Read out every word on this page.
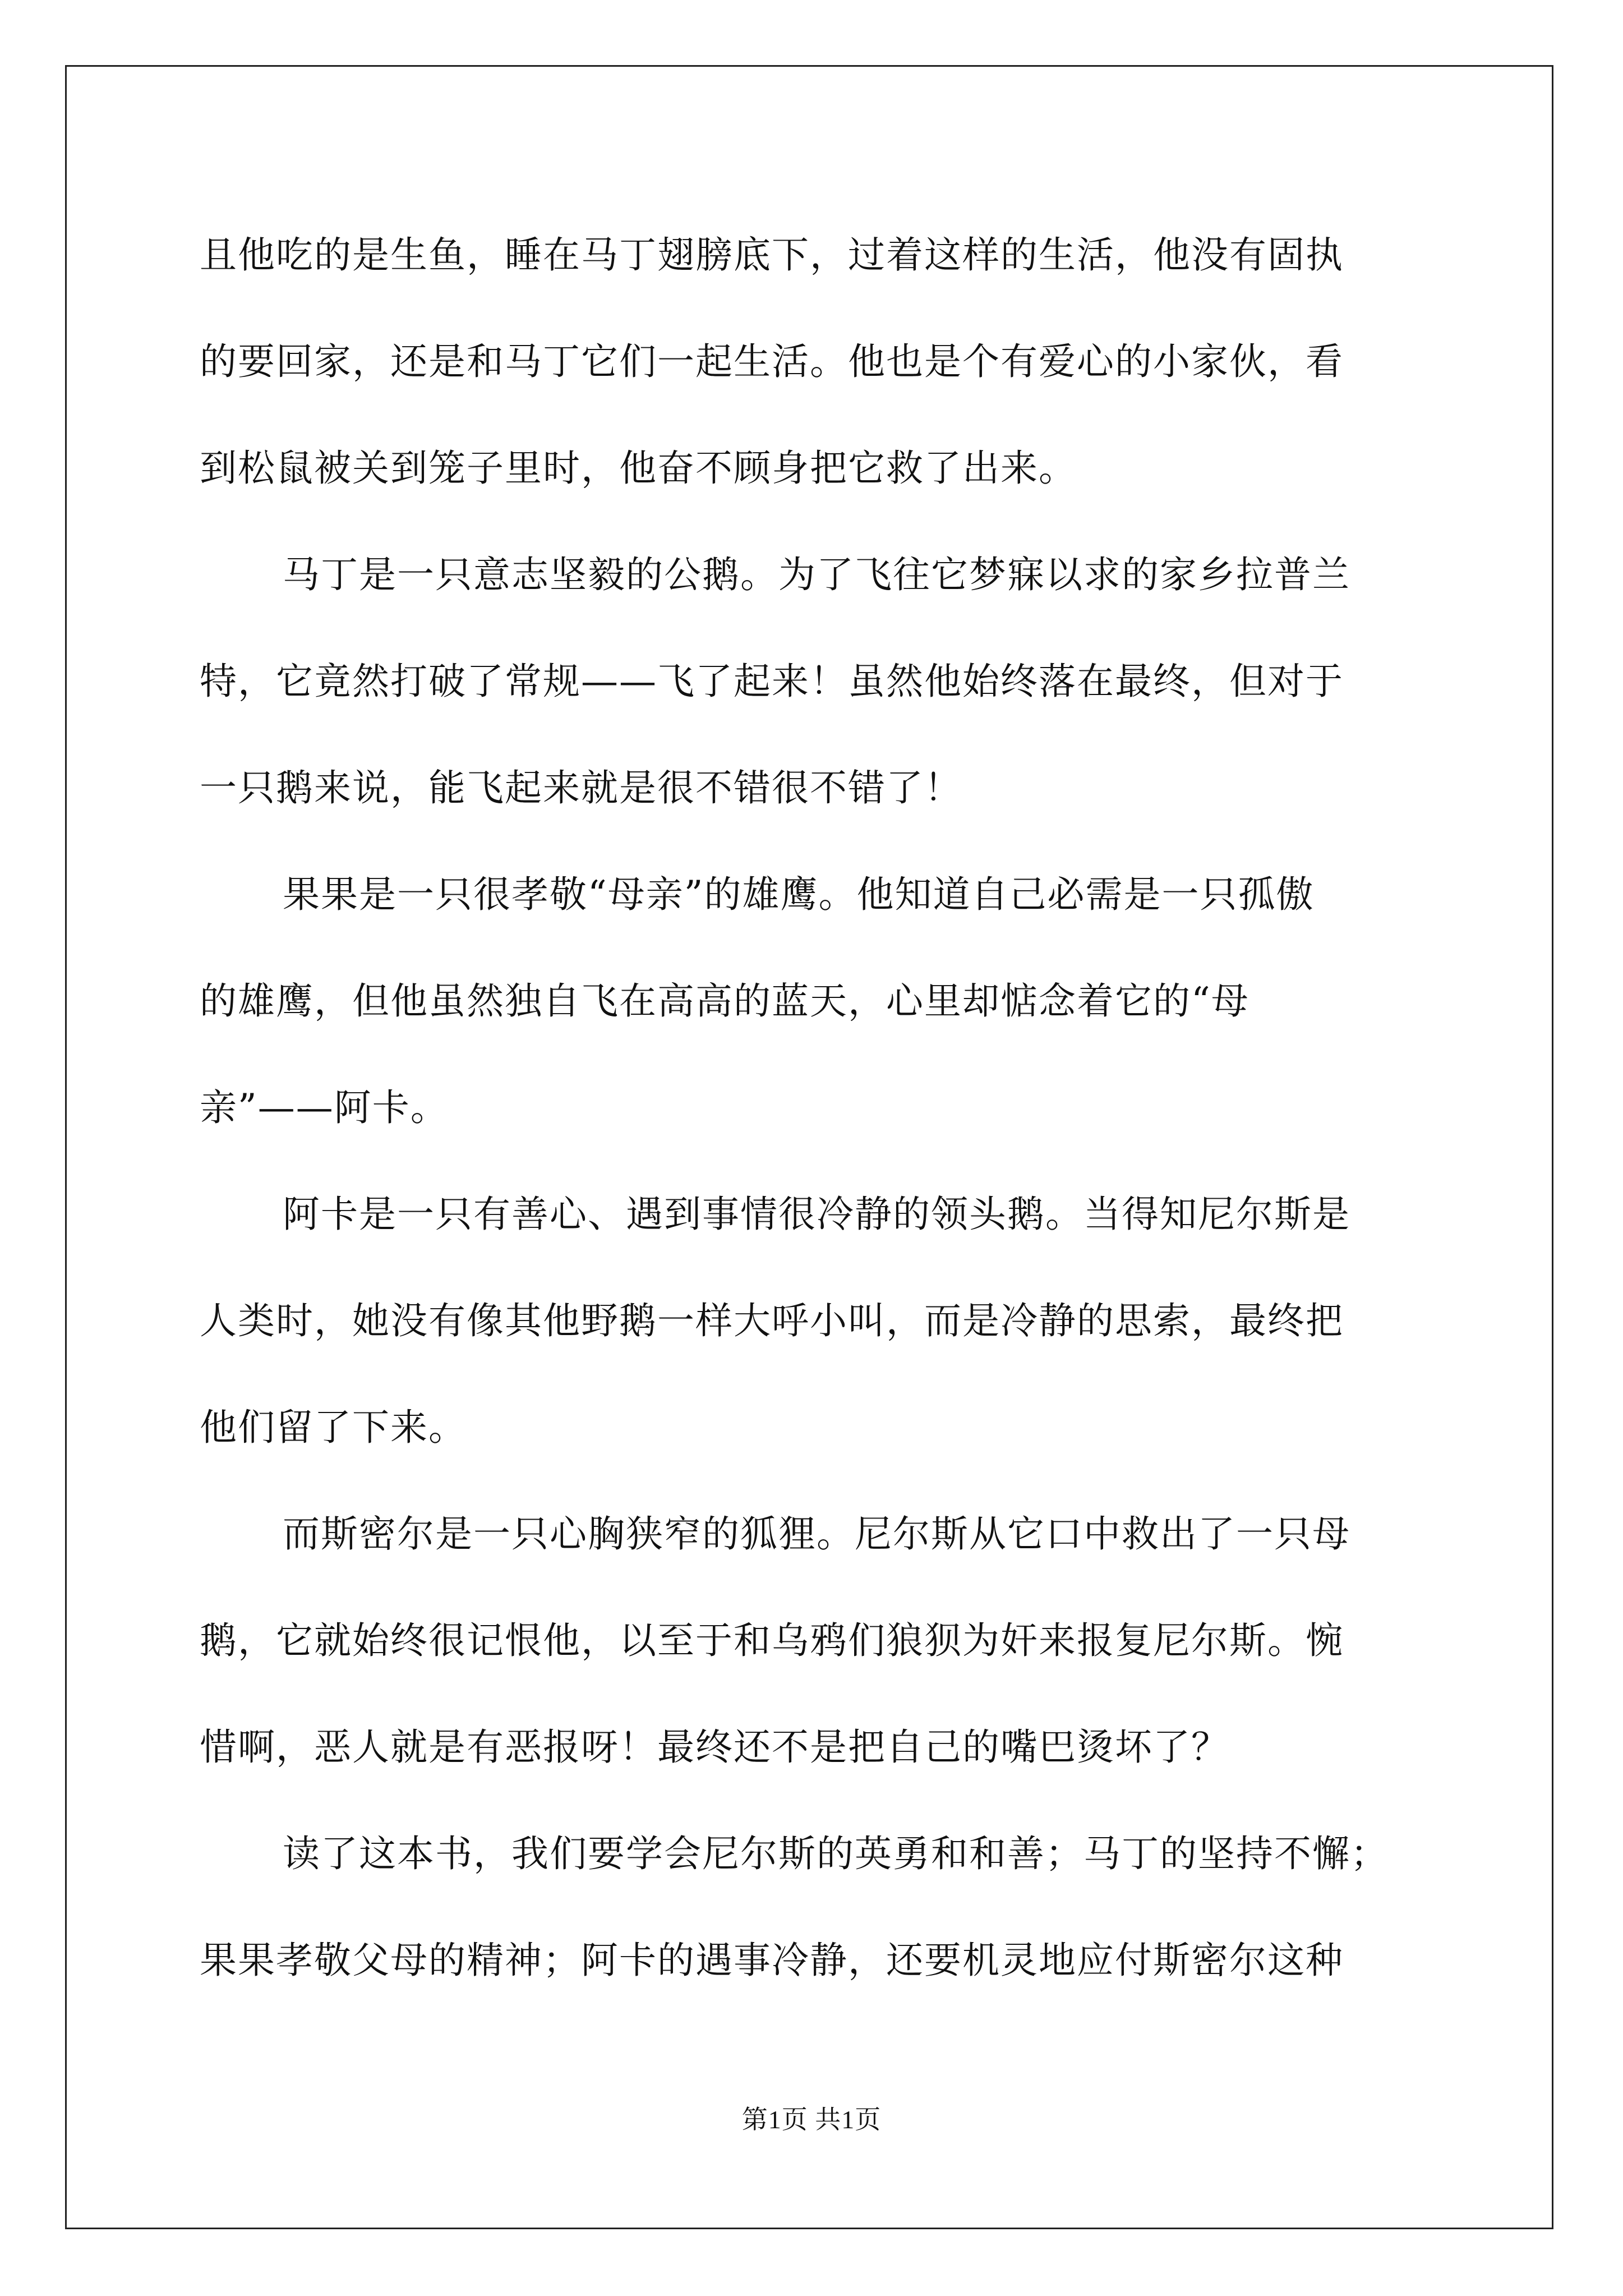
且他吃的是生鱼，睡在马丁翅膀底下，过着这样的生活，他没有固执
的要回家，还是和马丁它们一起生活。他也是个有爱心的小家伙，看
到松鼠被关到笼子里时，他奋不顾身把它救了出来。
马丁是一只意志坚毅的公鹅。为了飞往它梦寐以求的家乡拉普兰
特，它竟然打破了常规——飞了起来！虽然他始终落在最终，但对于
一只鹅来说，能飞起来就是很不错很不错了！
果果是一只很孝敬“母亲”的雄鹰。他知道自己必需是一只孤傲
的雄鹰，但他虽然独自飞在高高的蓝天，心里却惦念着它的“母
亲”——阿卡。
阿卡是一只有善心、遇到事情很冷静的领头鹅。当得知尼尔斯是
人类时，她没有像其他野鹅一样大呼小叫，而是冷静的思索，最终把
他们留了下来。
而斯密尔是一只心胸狭窄的狐狸。尼尔斯从它口中救出了一只母
鹅，它就始终很记恨他，以至于和乌鸦们狼狈为奸来报复尼尔斯。惋
惜啊，恶人就是有恶报呀！最终还不是把自己的嘴巴烫坏了？
读了这本书，我们要学会尼尔斯的英勇和和善；马丁的坚持不懈；
果果孝敬父母的精神；阿卡的遇事冷静，还要机灵地应付斯密尔这种
第1页 共1页
